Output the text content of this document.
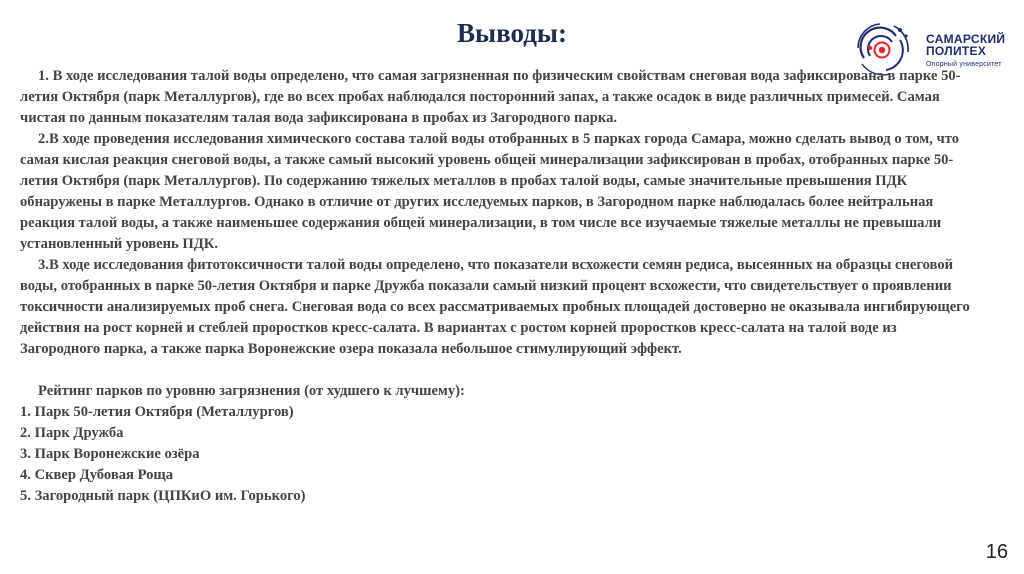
Выводы:	САМАРСКИЙ
ПОЛИТЕХ
Опорный университет

1. В ходе исследования талой воды определено, что самая загрязненная по физическим свойствам снеговая вода зафиксирована в парке 50-летия Октября (парк Металлургов), где во всех пробах наблюдался посторонний запах, а также осадок в виде различных примесей. Самая чистая по данным показателям талая вода зафиксирована в пробах из Загородного парка.

2.В ходе проведения исследования химического состава талой воды отобранных в 5 парках города Самара, можно сделать вывод о том, что самая кислая реакция снеговой воды, а также самый высокий уровень общей минерализации зафиксирован в пробах, отобранных парке 50-летия Октября (парк Металлургов). По содержанию тяжелых металлов в пробах талой воды, самые значительные превышения ПДК обнаружены в парке Металлургов. Однако в отличие от других исследуемых парков, в Загородном парке наблюдалась более нейтральная реакция талой воды, а также наименьшее содержания общей минерализации, в том числе все изучаемые тяжелые металлы не превышали установленный уровень ПДК.

3.В ходе исследования фитотоксичности талой воды определено, что показатели всхожести семян редиса, высеянных на образцы снеговой воды, отобранных в парке 50-летия Октября и парке Дружба показали самый низкий процент всхожести, что свидетельствует о проявлении токсичности анализируемых проб снега. Снеговая вода со всех рассматриваемых пробных площадей достоверно не оказывала ингибирующего действия на рост корней и стеблей проростков кресс-салата. В вариантах с ростом корней проростков кресс-салата на талой воде из Загородного парка, а также парка Воронежские озера показала небольшое стимулирующий эффект.

Рейтинг парков по уровню загрязнения (от худшего к лучшему):

1. Парк 50-летия Октября (Металлургов)
2. Парк Дружба
3. Парк Воронежские озёра
4. Сквер Дубовая Роща
5. Загородный парк (ЦПКиО им. Горького)
16
